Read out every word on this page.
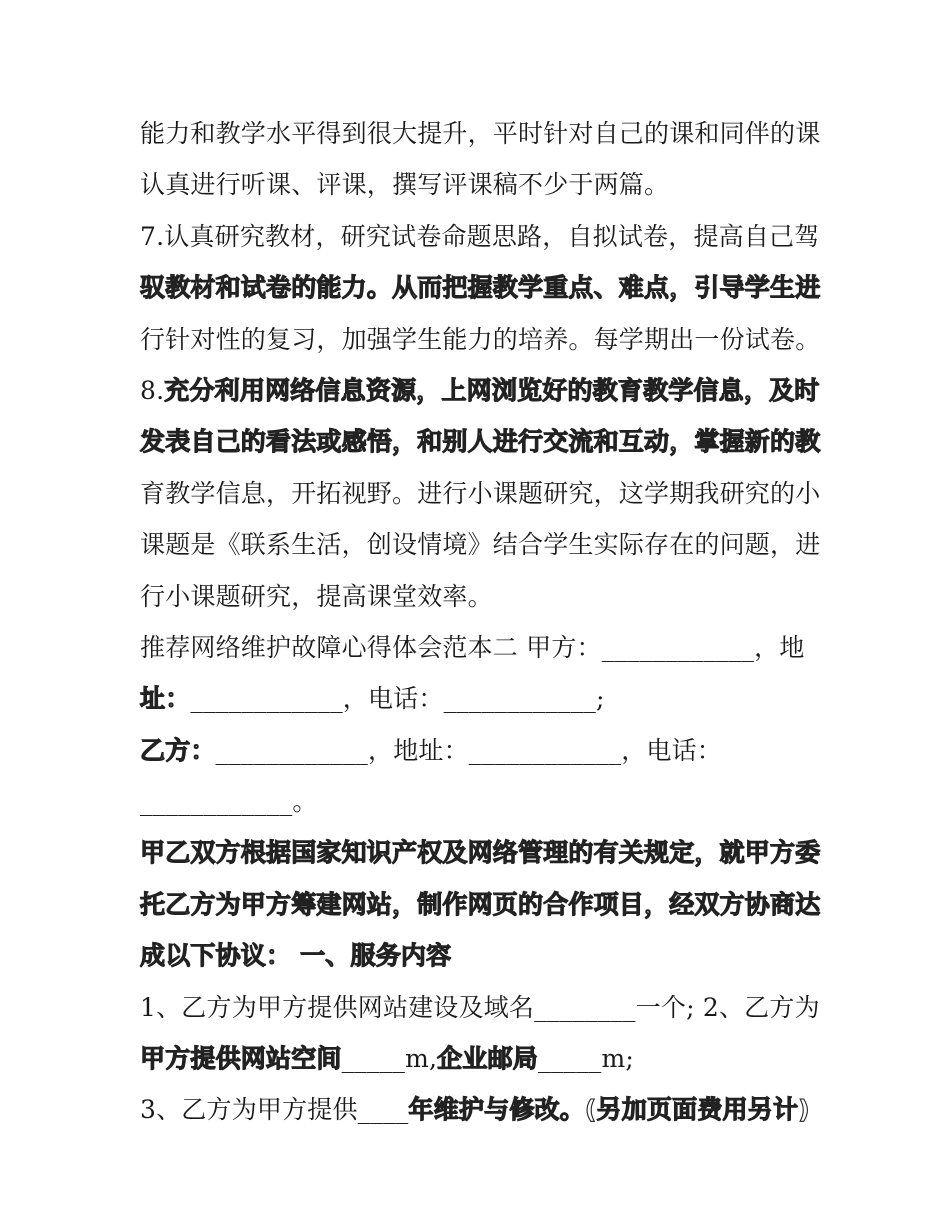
能力和教学水平得到很大提升，平时针对自己的课和同伴的课
认真进行听课、评课，撰写评课稿不少于两篇。
7.认真研究教材，研究试卷命题思路，自拟试卷，提高自己驾
驭教材和试卷的能力。从而把握教学重点、难点，引导学生进
行针对性的复习，加强学生能力的培养。每学期出一份试卷。
8.充分利用网络信息资源，上网浏览好的教育教学信息，及时
发表自己的看法或感悟，和别人进行交流和互动，掌握新的教
育教学信息，开拓视野。进行小课题研究，这学期我研究的小
课题是《联系生活，创设情境》结合学生实际存在的问题，进
行小课题研究，提高课堂效率。
推荐网络维护故障心得体会范本二 甲方：____________，地
址：____________，电话：____________;
乙方：____________，地址：____________，电话：
____________。
甲乙双方根据国家知识产权及网络管理的有关规定，就甲方委
托乙方为甲方筹建网站，制作网页的合作项目，经双方协商达
成以下协议： 一、服务内容
1、乙方为甲方提供网站建设及域名________一个; 2、乙方为
甲方提供网站空间_____m,企业邮局_____m;
3、乙方为甲方提供____年维护与修改。(另加页面费用另计)
